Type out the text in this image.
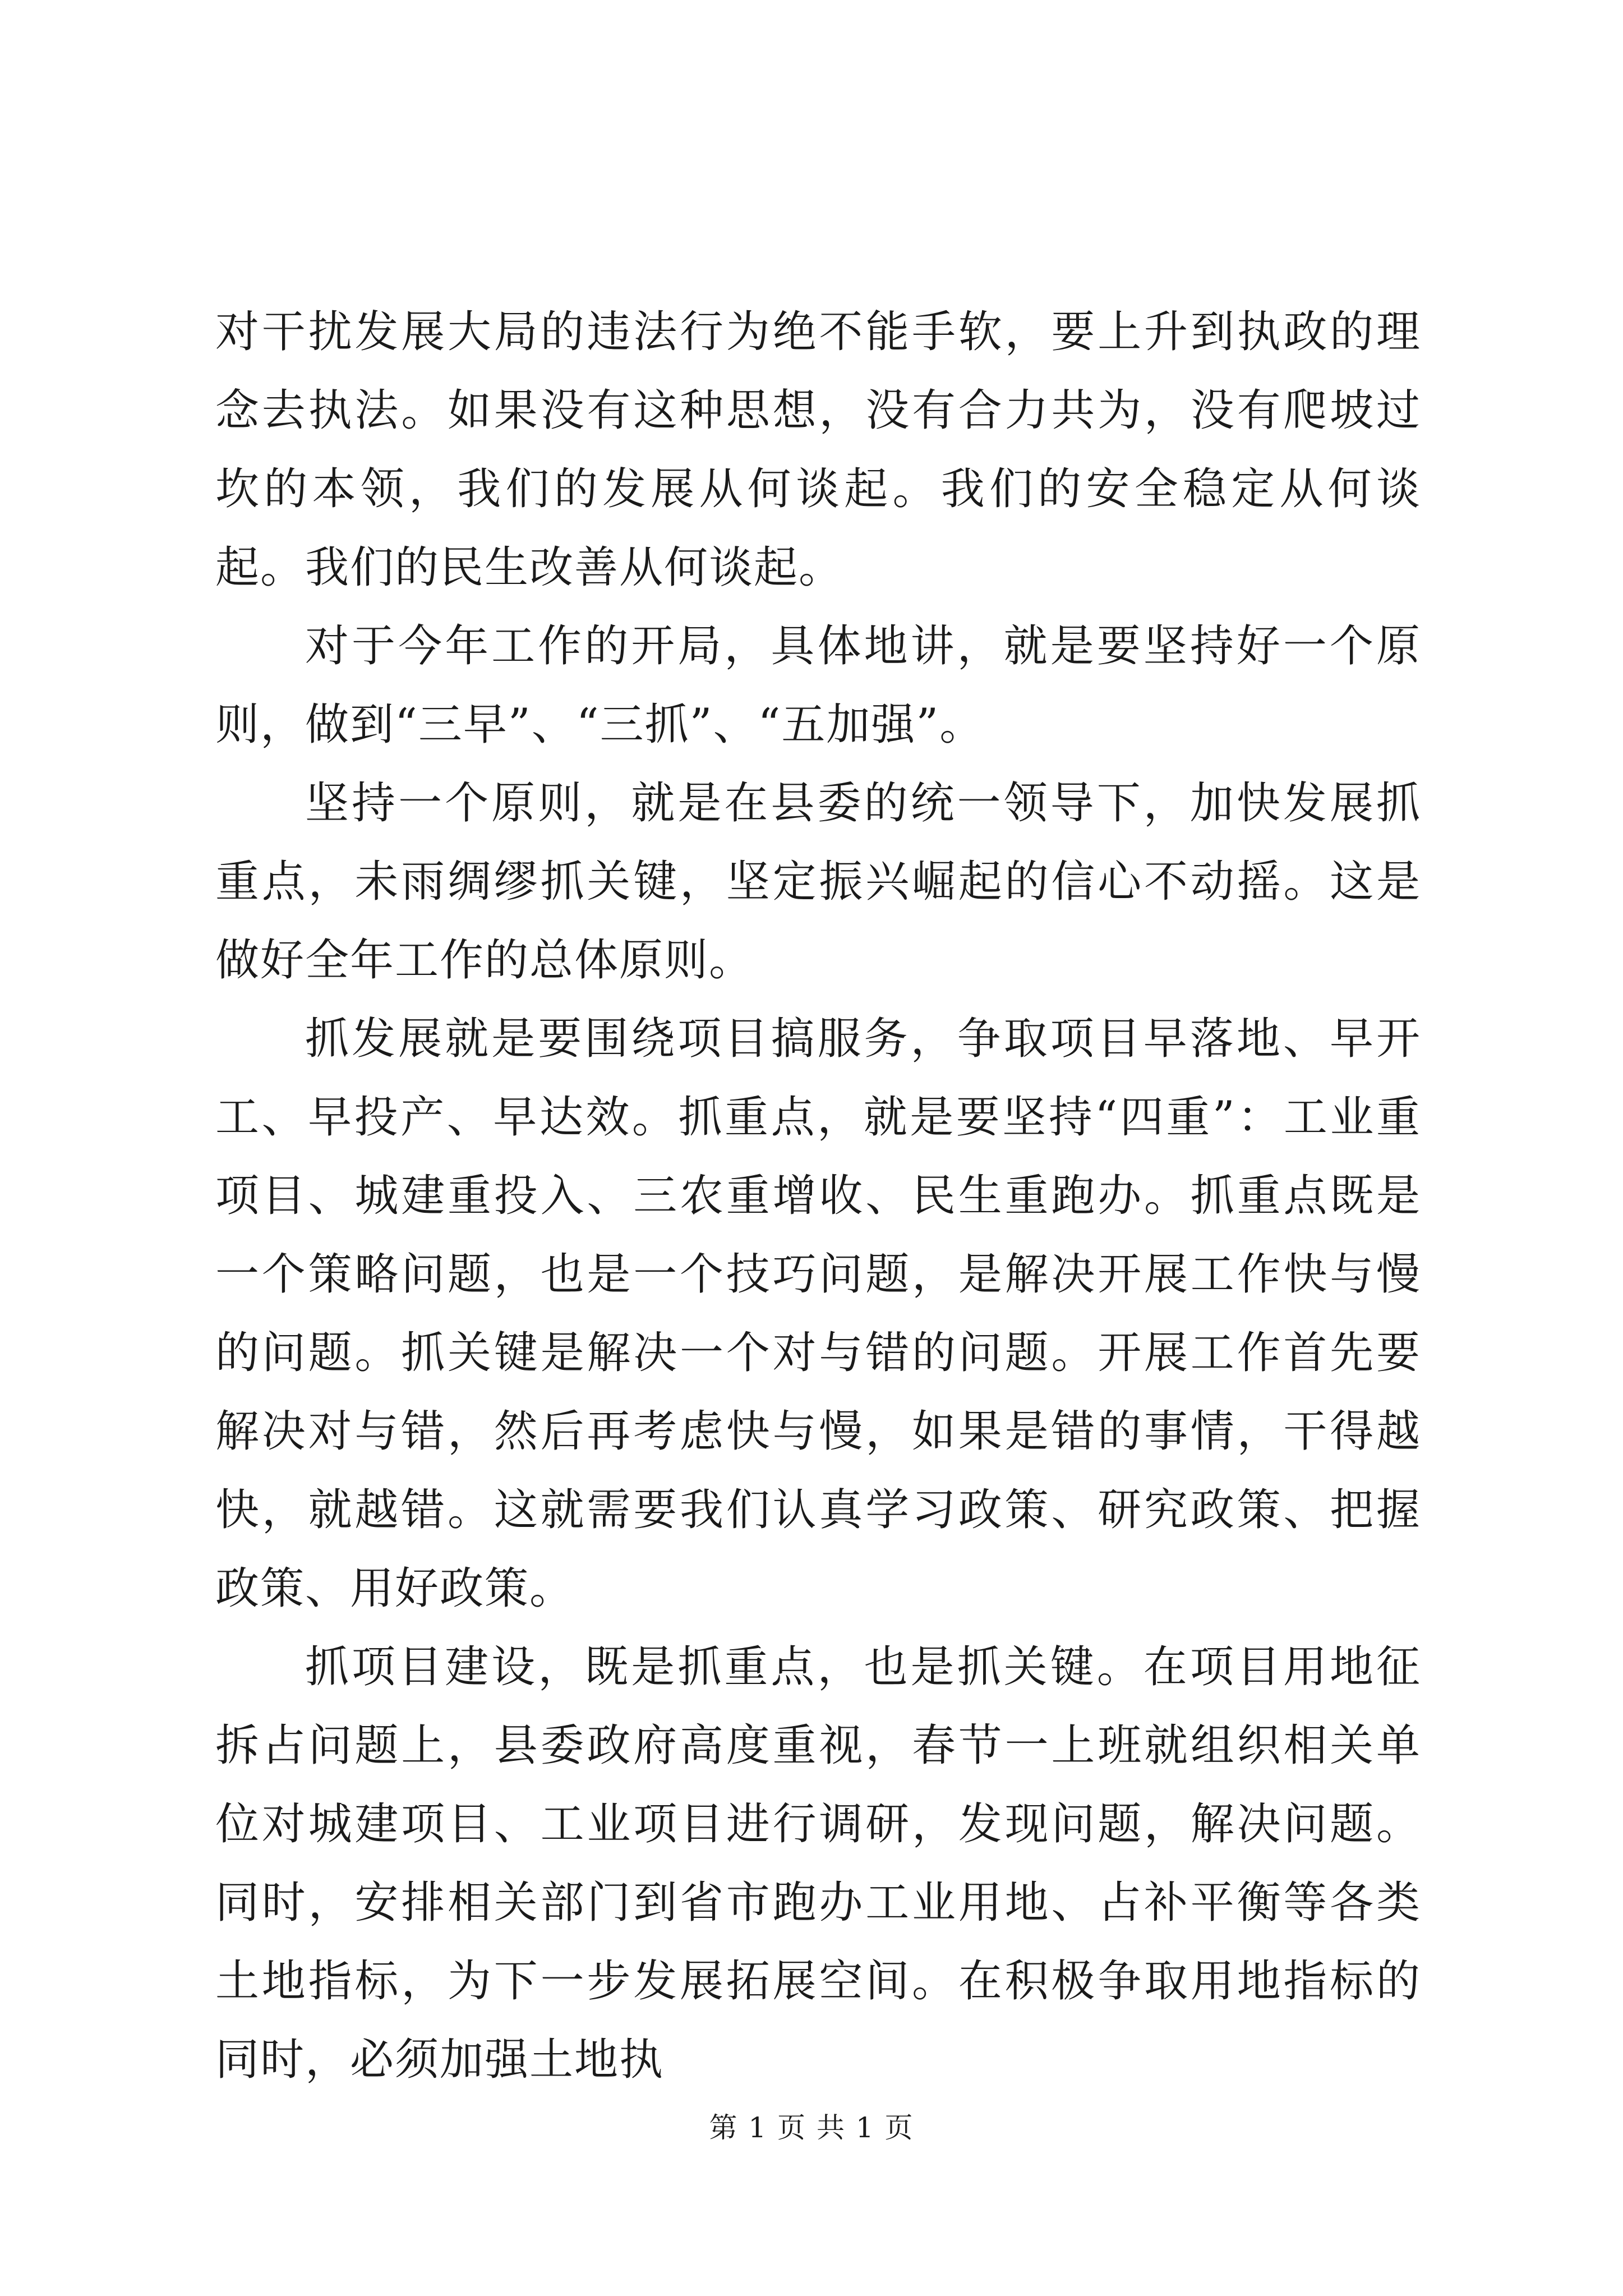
对干扰发展大局的违法行为绝不能手软，要上升到执政的理念去执法。如果没有这种思想，没有合力共为，没有爬坡过坎的本领，我们的发展从何谈起。我们的安全稳定从何谈起。我们的民生改善从何谈起。

对于今年工作的开局，具体地讲，就是要坚持好一个原则，做到“三早”、“三抓”、“五加强”。

坚持一个原则，就是在县委的统一领导下，加快发展抓重点，未雨绸缪抓关键，坚定振兴崛起的信心不动摇。这是做好全年工作的总体原则。

抓发展就是要围绕项目搞服务，争取项目早落地、早开工、早投产、早达效。抓重点，就是要坚持“四重”：工业重项目、城建重投入、三农重增收、民生重跑办。抓重点既是一个策略问题，也是一个技巧问题，是解决开展工作快与慢的问题。抓关键是解决一个对与错的问题。开展工作首先要解决对与错，然后再考虑快与慢，如果是错的事情，干得越快，就越错。这就需要我们认真学习政策、研究政策、把握政策、用好政策。

抓项目建设，既是抓重点，也是抓关键。在项目用地征拆占问题上，县委政府高度重视，春节一上班就组织相关单位对城建项目、工业项目进行调研，发现问题，解决问题。同时，安排相关部门到省市跑办工业用地、占补平衡等各类土地指标，为下一步发展拓展空间。在积极争取用地指标的同时，必须加强土地执

第 1 页 共 1 页
